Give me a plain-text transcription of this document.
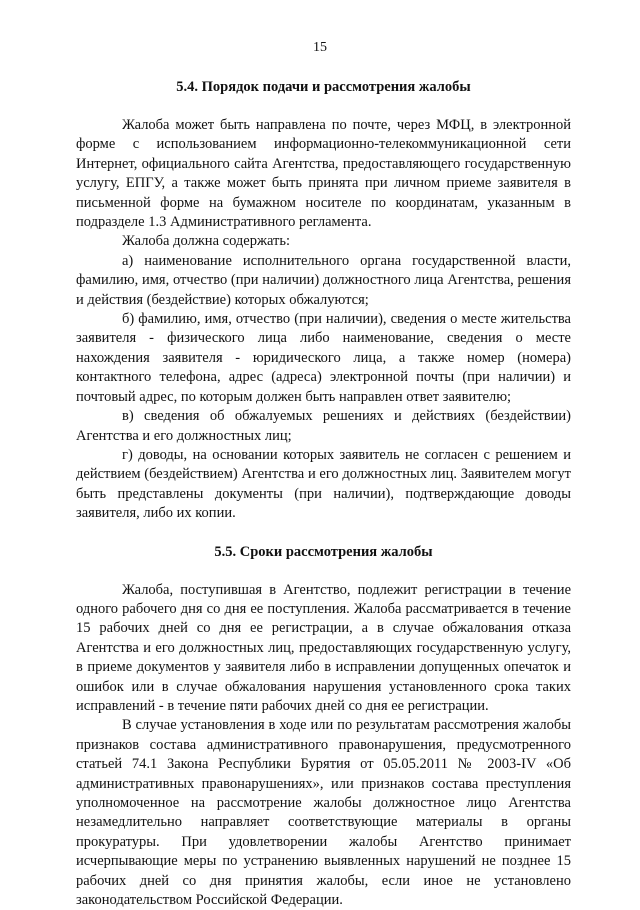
15
5.4. Порядок подачи и рассмотрения жалобы

Жалоба может быть направлена по почте, через МФЦ, в электронной форме с использованием информационно-телекоммуникационной сети Интернет, официального сайта Агентства, предоставляющего государственную услугу, ЕПГУ, а также может быть принята при личном приеме заявителя в письменной форме на бумажном носителе по координатам, указанным в подразделе 1.3 Административного регламента.

Жалоба должна содержать:

а) наименование исполнительного органа государственной власти, фамилию, имя, отчество (при наличии) должностного лица Агентства, решения и действия (бездействие) которых обжалуются;

б) фамилию, имя, отчество (при наличии), сведения о месте жительства заявителя - физического лица либо наименование, сведения о месте нахождения заявителя - юридического лица, а также номер (номера) контактного телефона, адрес (адреса) электронной почты (при наличии) и почтовый адрес, по которым должен быть направлен ответ заявителю;

в) сведения об обжалуемых решениях и действиях (бездействии) Агентства и его должностных лиц;

г) доводы, на основании которых заявитель не согласен с решением и действием (бездействием) Агентства и его должностных лиц. Заявителем могут быть представлены документы (при наличии), подтверждающие доводы заявителя, либо их копии.

5.5. Сроки рассмотрения жалобы

Жалоба, поступившая в Агентство, подлежит регистрации в течение одного рабочего дня со дня ее поступления. Жалоба рассматривается в течение 15 рабочих дней со дня ее регистрации, а в случае обжалования отказа Агентства и его должностных лиц, предоставляющих государственную услугу, в приеме документов у заявителя либо в исправлении допущенных опечаток и ошибок или в случае обжалования нарушения установленного срока таких исправлений - в течение пяти рабочих дней со дня ее регистрации.

В случае установления в ходе или по результатам рассмотрения жалобы признаков состава административного правонарушения, предусмотренного статьей 74.1 Закона Республики Бурятия от 05.05.2011 № 2003-IV «Об административных правонарушениях», или признаков состава преступления уполномоченное на рассмотрение жалобы должностное лицо Агентства незамедлительно направляет соответствующие материалы в органы прокуратуры. При удовлетворении жалобы Агентство принимает исчерпывающие меры по устранению выявленных нарушений не позднее 15 рабочих дней со дня принятия жалобы, если иное не установлено законодательством Российской Федерации.
